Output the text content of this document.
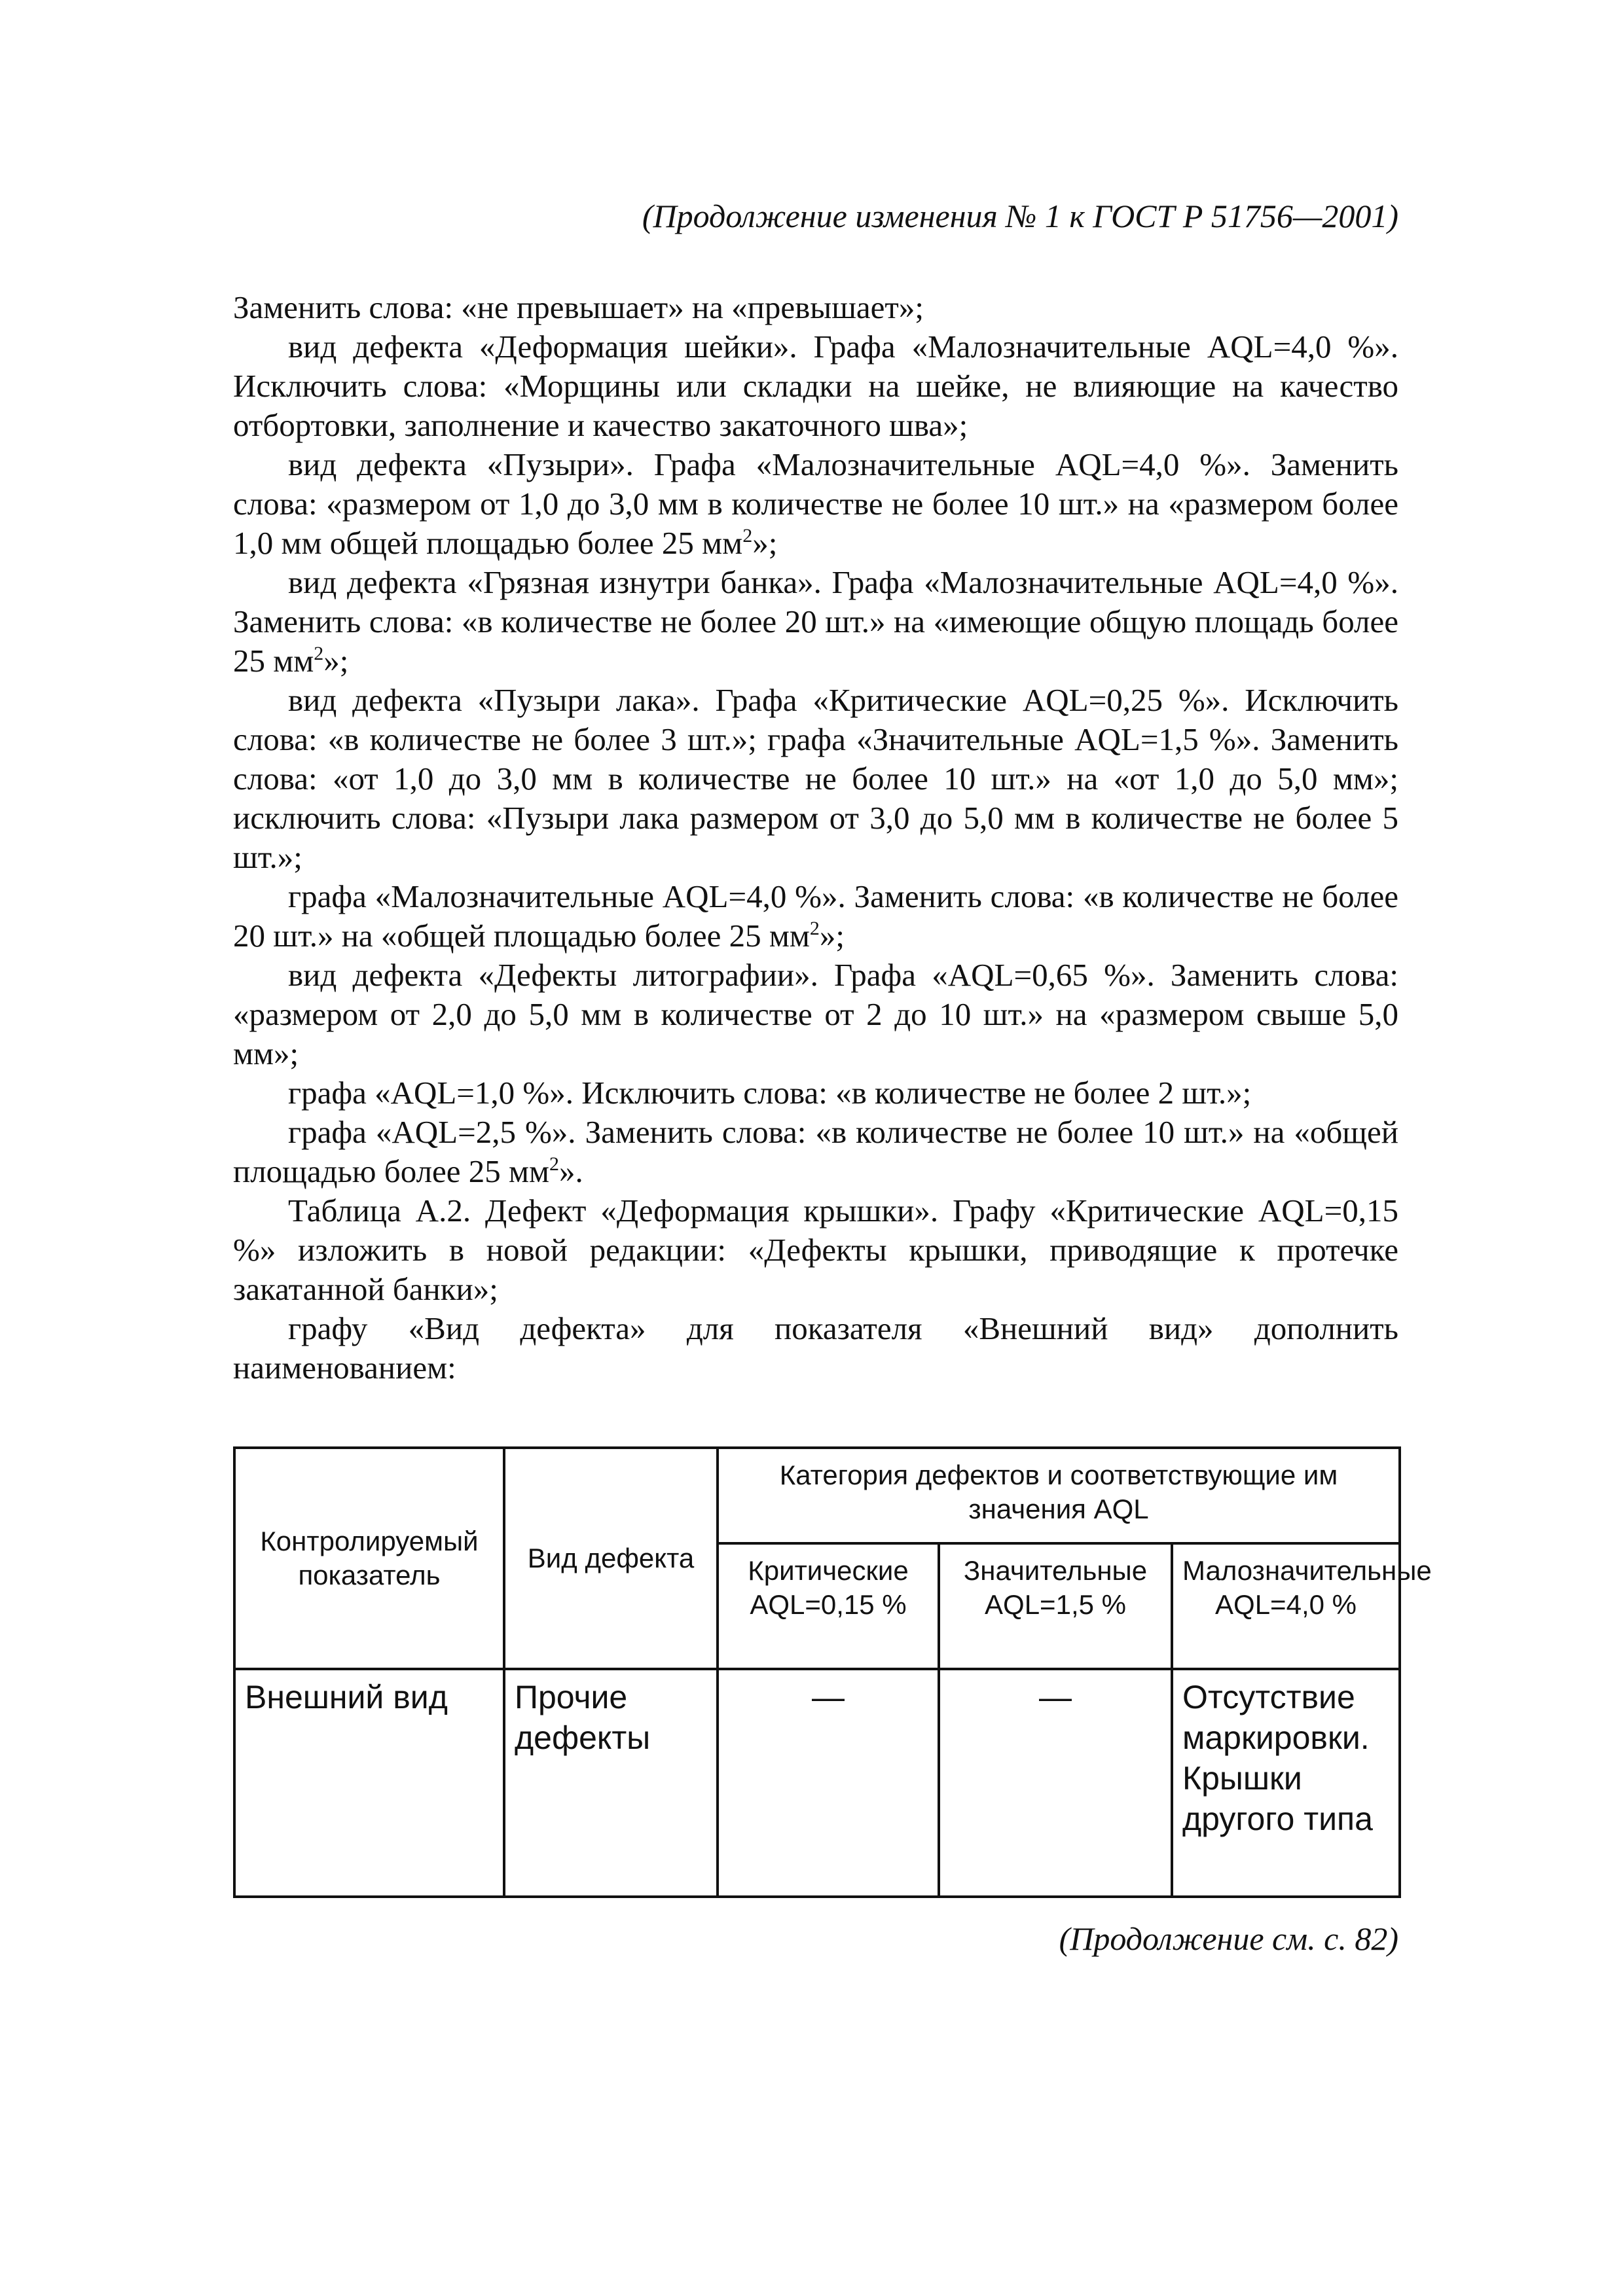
(Продолжение изменения № 1 к ГОСТ Р 51756—2001)

Заменить слова: «не превышает» на «превышает»;

вид дефекта «Деформация шейки». Графа «Малозначительные AQL=4,0 %». Исключить слова: «Морщины или складки на шейке, не влияющие на качество отбортовки, заполнение и качество закаточного шва»;

вид дефекта «Пузыри». Графа «Малозначительные AQL=4,0 %». Заменить слова: «размером от 1,0 до 3,0 мм в количестве не более 10 шт.» на «размером более 1,0 мм общей площадью более 25 $мм^2$»;

вид дефекта «Грязная изнутри банка». Графа «Малозначительные AQL=4,0 %». Заменить слова: «в количестве не более 20 шт.» на «имеющие общую площадь более 25 $мм^2$»;

вид дефекта «Пузыри лака». Графа «Критические AQL=0,25 %». Исключить слова: «в количестве не более 3 шт.»; графа «Значительные AQL=1,5 %». Заменить слова: «от 1,0 до 3,0 мм в количестве не более 10 шт.» на «от 1,0 до 5,0 мм»; исключить слова: «Пузыри лака размером от 3,0 до 5,0 мм в количестве не более 5 шт.»;

графа «Малозначительные AQL=4,0 %». Заменить слова: «в количестве не более 20 шт.» на «общей площадью более 25 $мм^2$»;

вид дефекта «Дефекты литографии». Графа «AQL=0,65 %». Заменить слова: «размером от 2,0 до 5,0 мм в количестве от 2 до 10 шт.» на «размером свыше 5,0 мм»;

графа «AQL=1,0 %». Исключить слова: «в количестве не более 2 шт.»;

графа «AQL=2,5 %». Заменить слова: «в количестве не более 10 шт.» на «общей площадью более 25 $мм^2$».

Таблица А.2. Дефект «Деформация крышки». Графу «Критические AQL=0,15 %» изложить в новой редакции: «Дефекты крышки, приводящие к протечке закатанной банки»;

графу «Вид дефекта» для показателя «Внешний вид» дополнить наименованием:

Контролируемый показатель	Вид дефекта	Категория дефектов и соответствующие им значения AQL		
		Критические AQL=0,15 %	Значительные AQL=1,5 %	Малозначительные AQL=4,0 %
Внешний вид	Прочие дефекты	—	—	Отсутствие маркировки. Крышки другого типа
(Продолжение см. с. 82)
